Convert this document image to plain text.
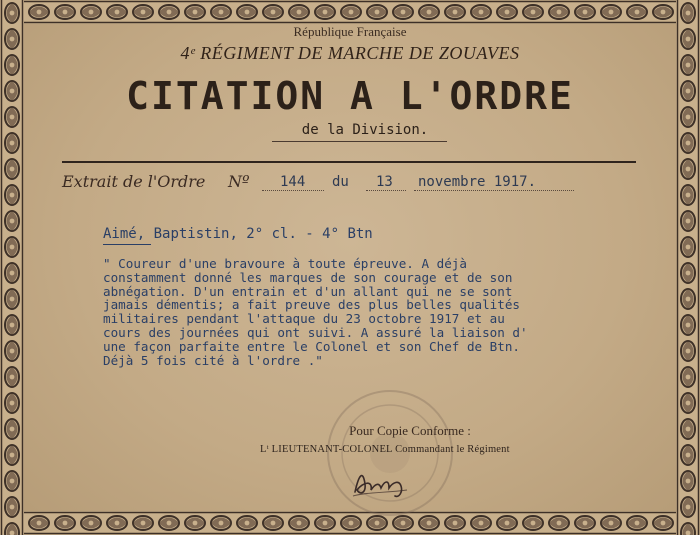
République Française
4ᵉ RÉGIMENT DE MARCHE DE ZOUAVES
CITATION A L'ORDRE
de la Division.
Extrait de l'Ordre Nº 144 du 13 novembre 1917.
Aimé, Baptistin, 2° cl. - 4° Btn
" Coureur d'une bravoure à toute épreuve. A déjà
constamment donné les marques de son courage et de son
abnégation. D'un entrain et d'un allant qui ne se sont
jamais démentis; a fait preuve des plus belles qualités
militaires pendant l'attaque du 23 octobre 1917 et au
cours des journées qui ont suivi. A assuré la liaison d'
une façon parfaite entre le Colonel et son Chef de Btn.
Déjà 5 fois cité à l'ordre ."
Pour Copie Conforme :
Lᵗ LIEUTENANT-COLONEL Commandant le Régiment
